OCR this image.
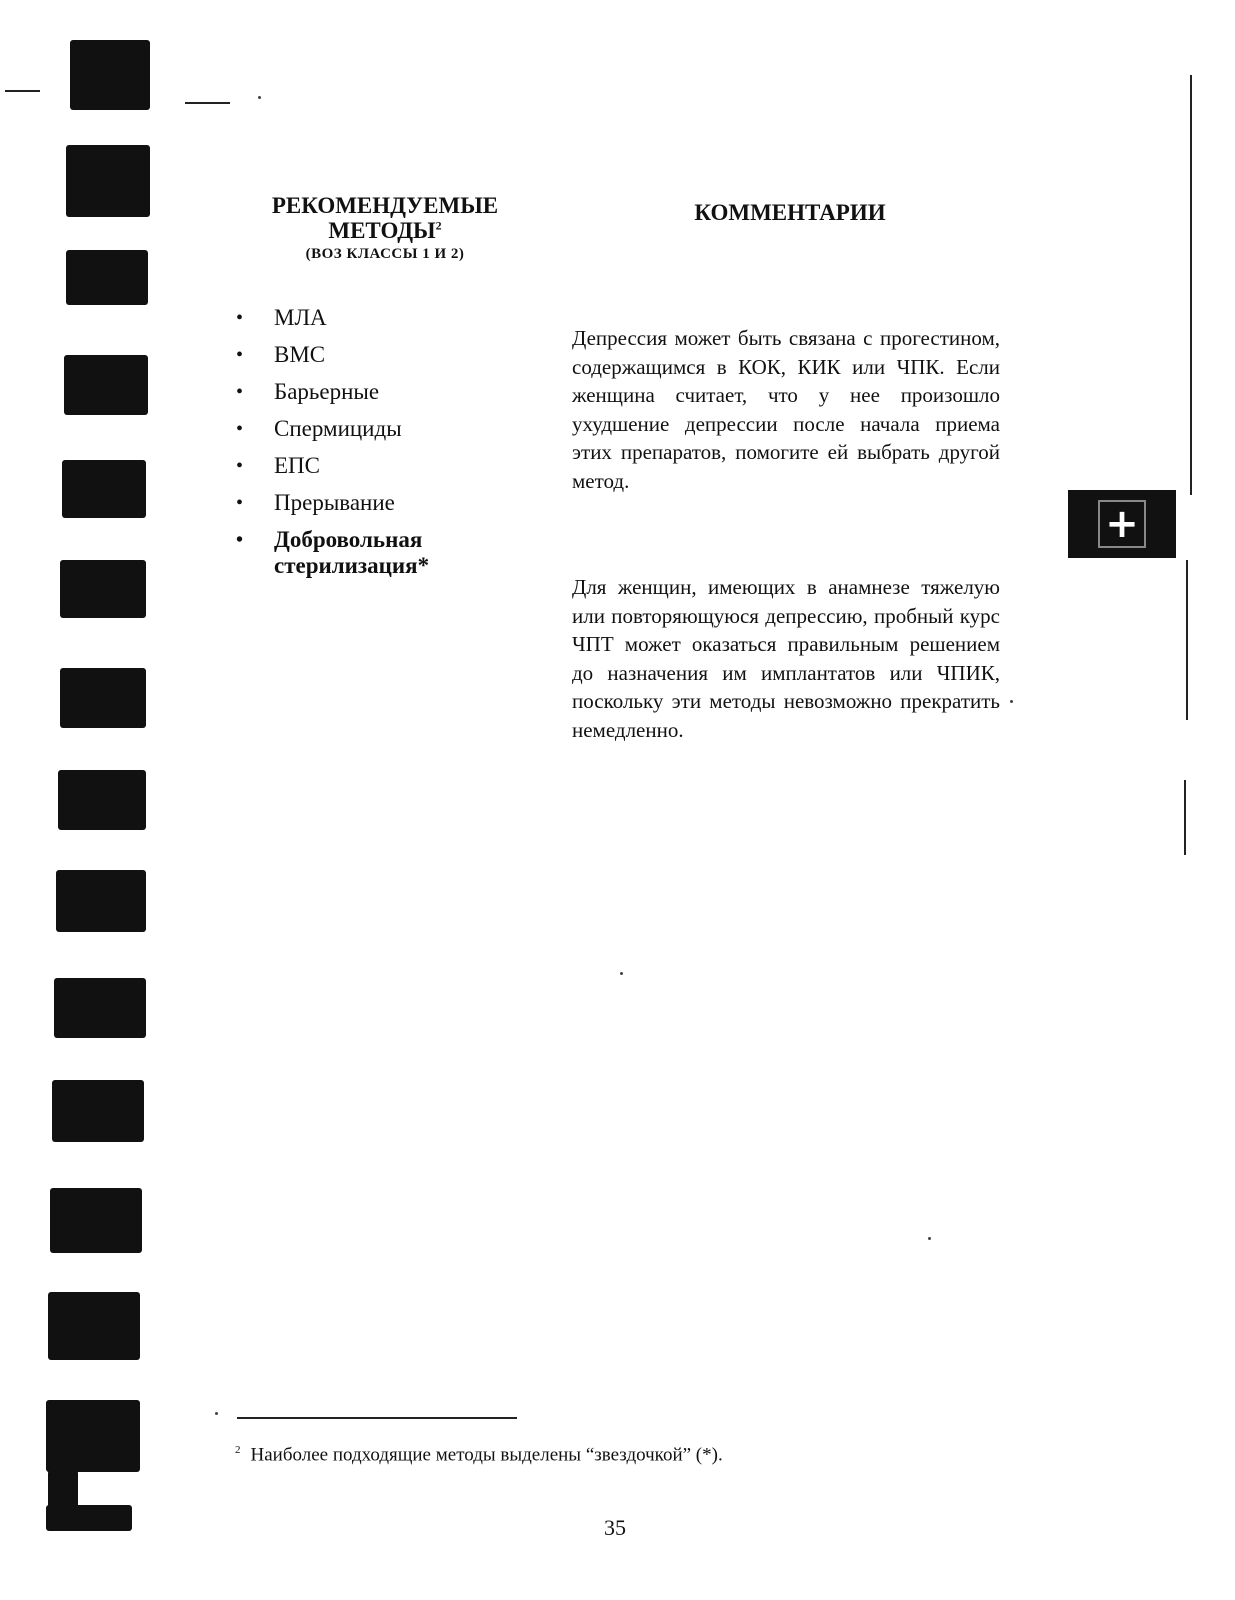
РЕКОМЕНДУЕМЫЕ
МЕТОДЫ$^2$
(ВОЗ КЛАССЫ 1 И 2)
КОММЕНТАРИИ
• МЛА
• ВМС
• Барьерные
• Спермициды
• ЕПС
• Прерывание
• Добровольная стерилизация*

Депрессия может быть связана с прогестином, содержащимся в КОК, КИК или ЧПК. Если женщина считает, что у нее произошло ухудшение депрессии после начала приема этих препаратов, помогите ей выбрать другой метод.

Для женщин, имеющих в анамнезе тяжелую или повторяющуюся депрессию, пробный курс ЧПТ может оказаться правильным решением до назначения им имплантатов или ЧПИК, поскольку эти методы невозможно прекратить немедленно.

+
$^2$ Наиболее подходящие методы выделены “звездочкой” (*).
35
